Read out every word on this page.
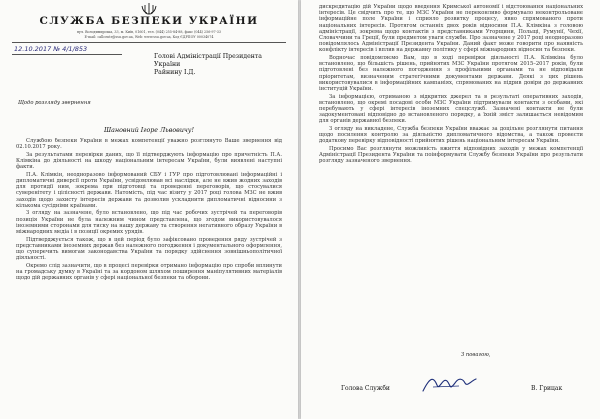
СЛУЖБА БЕЗПЕКИ УКРАЇНИ
вул. Володимирська, 33, м. Київ, 01601, тел. (044) 255-84-88, факс (044) 256-97-33
E-mail: callcentr@ssu.gov.ua, Web: www.ssu.gov.ua, Код ЄДРПОУ 00034074
12.10.2017 № 4/1/853
Голові Адміністрації Президента України
Райнину І.Д.
Щодо розгляду звернення
Шановний Ігоре Львовичу!

Службою безпеки України в межах компетенції уважно розглянуто Ваше звернення від 02.10.2017 року.

За результатами перевірки даних, що її підтверджують інформацію про причетність П.А. Клімкіна до діяльності на шкоду національним інтересам України, були виявлені наступні факти.

П.А. Клімкін, неодноразово інформований СБУ і ГУР про підготовлювані інформаційні і дипломатичні диверсії проти України, усвідомлював всі наслідки, але не вжив жодних заходів для протидії ним, зокрема при підготовці та проведенні переговорів, що стосувалися суверенітету і цілісності держави. Натомість, під час візиту у 2017 році голова МЗС не вжив заходів щодо захисту інтересів держави та дозволив ускладнити дипломатичні відносини з кількома сусідніми країнами.

З огляду на зазначене, було встановлено, що під час робочих зустрічей та переговорів позиція України не була належним чином представлена, що згодом використовувалося іноземними сторонами для тиску на нашу державу та створення негативного образу України в міжнародних медіа і в позиції окремих урядів.

Підтверджується також, що в цей період було зафіксовано проведення ряду зустрічей з представниками іноземних держав без належного погодження і документального оформлення, що суперечить вимогам законодавства України та порядку здійснення зовнішньополітичної діяльності.

Окремо слід зазначити, що в процесі перевірки отримано інформацію про спроби вплинути на громадську думку в Україні та за кордоном шляхом поширення маніпулятивних матеріалів щодо дій державних органів у сфері національної безпеки та оборони.

дискредитацію дій України щодо введення Кримської автономії і відстоювання національних інтересів. Це свідчить про те, що МЗС України не переконливо формувало неконтрольоване інформаційне поле України і сприяло розвитку процесу, явно спрямованого проти національних інтересів. Протягом останніх двох років відносини П.А. Клімкіна з головою адміністрації, зокрема щодо контактів з представниками Угорщини, Польщі, Румунії, Чехії, Словаччини та Греції, були предметом уваги служби. Про зазначене у 2017 році неодноразово повідомлялось Адміністрації Президента України. Даний факт може говорити про наявність конфлікту інтересів і вплив на державну політику у сфері міжнародних відносин та безпеки.

Водночас повідомляємо Вам, що в ході перевірки діяльності П.А. Клімкіна було встановлено, що більшість рішень, прийнятих МЗС України протягом 2015–2017 років, були підготовлені без належного погодження з профільними органами та не відповідали пріоритетам, визначеним стратегічними документами держави. Деякі з цих рішень використовувалися в інформаційних кампаніях, спрямованих на підрив довіри до державних інституцій України.

За інформацією, отриманою з відкритих джерел та в результаті оперативних заходів, встановлено, що окремі посадові особи МЗС України підтримували контакти з особами, які перебувають у сфері інтересів іноземних спецслужб. Зазначені контакти не були задокументовані відповідно до встановленого порядку, а їхній зміст залишається невідомим для органів державної безпеки.

З огляду на викладене, Служба безпеки України вважає за доцільне розглянути питання щодо посилення контролю за діяльністю дипломатичного відомства, а також провести додаткову перевірку відповідності прийнятих рішень національним інтересам України.

Просимо Вас розглянути можливість вжиття відповідних заходів у межах компетенції Адміністрації Президента України та поінформувати Службу безпеки України про результати розгляду зазначеного звернення.

З повагою,
Голова Служби	В. Грицак
